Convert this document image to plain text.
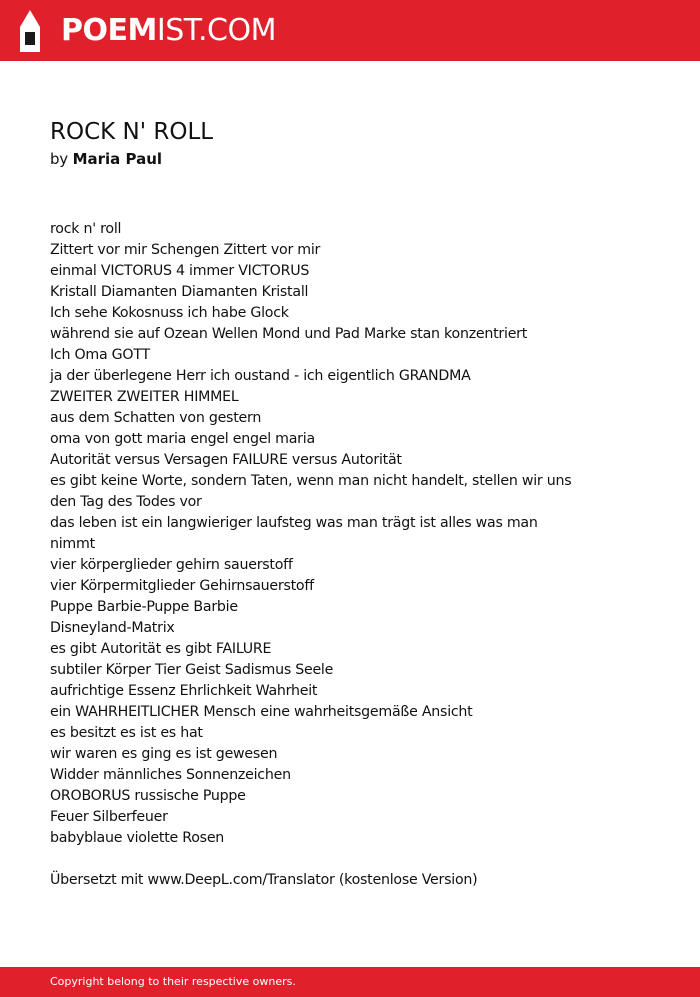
POEMIST.COM
ROCK N' ROLL
by Maria Paul
rock n' roll
Zittert vor mir Schengen Zittert vor mir
einmal VICTORUS 4 immer VICTORUS
Kristall Diamanten Diamanten Kristall
Ich sehe Kokosnuss ich habe Glock
während sie auf Ozean Wellen Mond und Pad Marke stan konzentriert
Ich Oma GOTT
ja der überlegene Herr ich oustand - ich eigentlich GRANDMA
ZWEITER ZWEITER HIMMEL
aus dem Schatten von gestern
oma von gott maria engel engel maria
Autorität versus Versagen FAILURE versus Autorität
es gibt keine Worte, sondern Taten, wenn man nicht handelt, stellen wir uns
den Tag des Todes vor
das leben ist ein langwieriger laufsteg was man trägt ist alles was man
nimmt
vier körperglieder gehirn sauerstoff
vier Körpermitglieder Gehirnsauerstoff
Puppe Barbie-Puppe Barbie
Disneyland-Matrix
es gibt Autorität es gibt FAILURE
subtiler Körper Tier Geist Sadismus Seele
aufrichtige Essenz Ehrlichkeit Wahrheit
ein WAHRHEITLICHER Mensch eine wahrheitsgemäße Ansicht
es besitzt es ist es hat
wir waren es ging es ist gewesen
Widder männliches Sonnenzeichen
OROBORUS russische Puppe
Feuer Silberfeuer
babyblaue violette Rosen
Übersetzt mit www.DeepL.com/Translator (kostenlose Version)
Copyright belong to their respective owners.
